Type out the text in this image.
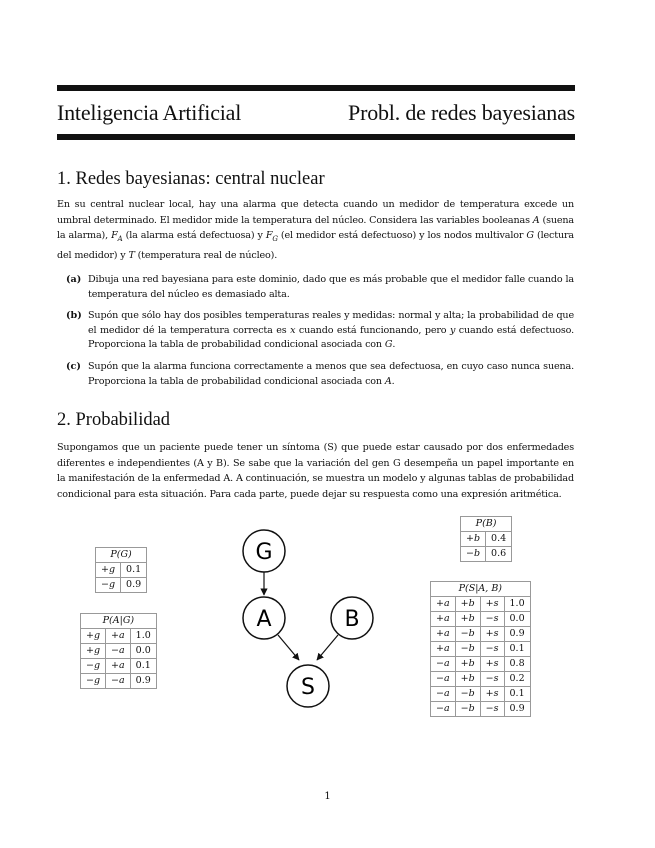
Inteligencia Artificial	Probl. de redes bayesianas
1. Redes bayesianas: central nuclear
En su central nuclear local, hay una alarma que detecta cuando un medidor de temperatura excede un umbral determinado. El medidor mide la temperatura del núcleo. Considera las variables booleanas A (suena la alarma), $F_A$ (la alarma está defectuosa) y $F_G$ (el medidor está defectuoso) y los nodos multivalor G (lectura del medidor) y T (temperatura real de núcleo).
(a) Dibuja una red bayesiana para este dominio, dado que es más probable que el medidor falle cuando la temperatura del núcleo es demasiado alta.
(b) Supón que sólo hay dos posibles temperaturas reales y medidas: normal y alta; la probabilidad de que el medidor dé la temperatura correcta es x cuando está funcionando, pero y cuando está defectuoso. Proporciona la tabla de probabilidad condicional asociada con G.
(c) Supón que la alarma funciona correctamente a menos que sea defectuosa, en cuyo caso nunca suena. Proporciona la tabla de probabilidad condicional asociada con A.
2. Probabilidad
Supongamos que un paciente puede tener un síntoma (S) que puede estar causado por dos enfermedades diferentes e independientes (A y B). Se sabe que la variación del gen G desempeña un papel importante en la manifestación de la enfermedad A. A continuación, se muestra un modelo y algunas tablas de probabilidad condicional para esta situación. Para cada parte, puede dejar su respuesta como una expresión aritmética.
G
A	B
S
P(G)	
+g	0.1
−g	0.9
P(A|G)		
+g	+a	1.0
+g	−a	0.0
−g	+a	0.1
−g	−a	0.9
P(B)	
+b	0.4
−b	0.6
P(S|A, B)			
+a	+b	+s	1.0
+a	+b	−s	0.0
+a	−b	+s	0.9
+a	−b	−s	0.1
−a	+b	+s	0.8
−a	+b	−s	0.2
−a	−b	+s	0.1
−a	−b	−s	0.9
1
